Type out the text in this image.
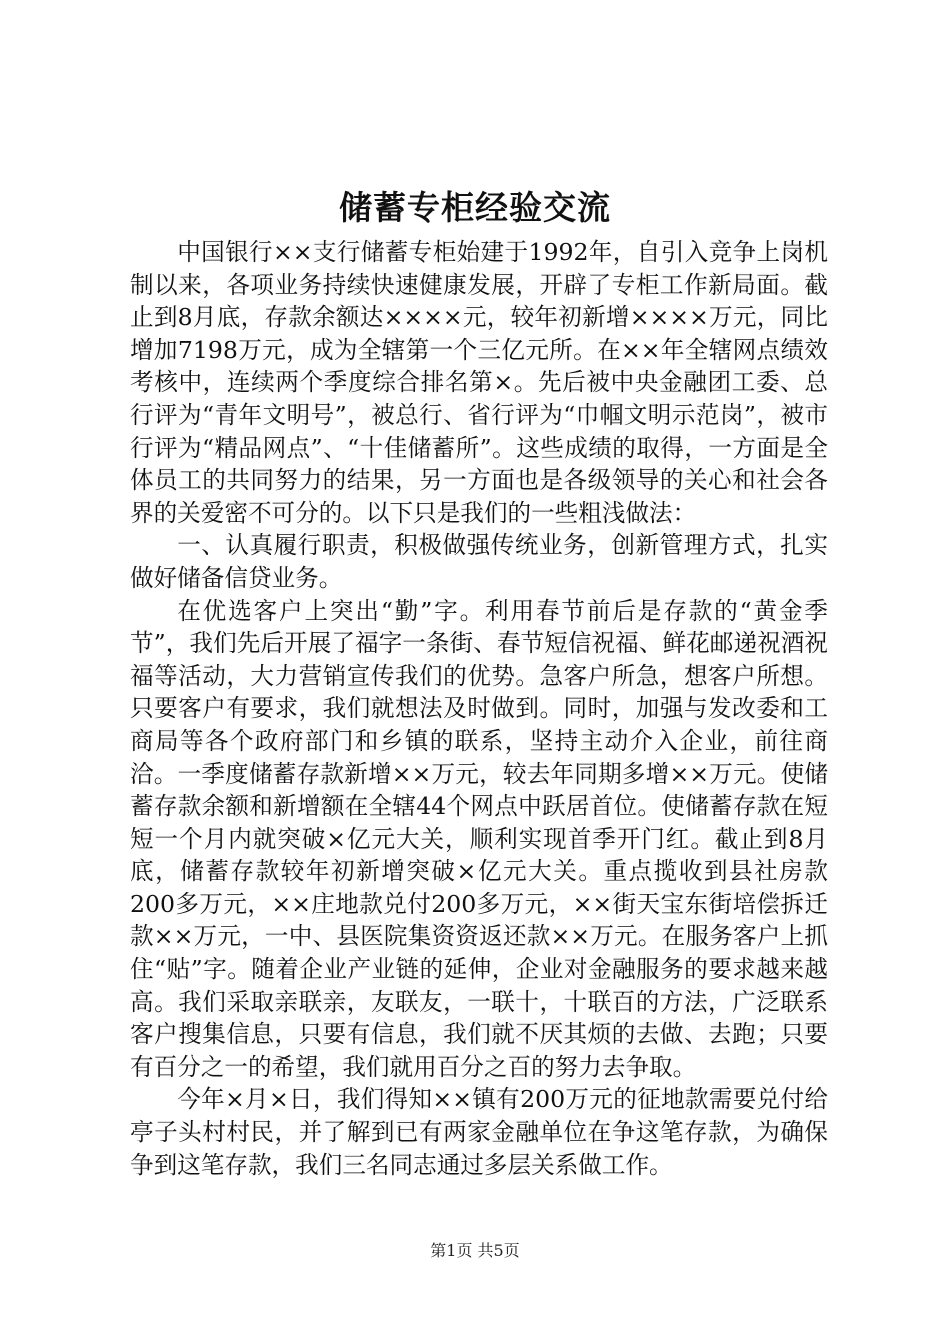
储蓄专柜经验交流

中国银行××支行储蓄专柜始建于1992年，自引入竞争上岗机制以来，各项业务持续快速健康发展，开辟了专柜工作新局面。截止到8月底，存款余额达××××元，较年初新增××××万元，同比增加7198万元，成为全辖第一个三亿元所。在××年全辖网点绩效考核中，连续两个季度综合排名第×。先后被中央金融团工委、总行评为“青年文明号”，被总行、省行评为“巾帼文明示范岗”，被市行评为“精品网点”、“十佳储蓄所”。这些成绩的取得，一方面是全体员工的共同努力的结果，另一方面也是各级领导的关心和社会各界的关爱密不可分的。以下只是我们的一些粗浅做法：

一、认真履行职责，积极做强传统业务，创新管理方式，扎实做好储备信贷业务。

在优选客户上突出“勤”字。利用春节前后是存款的“黄金季节”，我们先后开展了福字一条街、春节短信祝福、鲜花邮递祝酒祝福等活动，大力营销宣传我们的优势。急客户所急，想客户所想。只要客户有要求，我们就想法及时做到。同时，加强与发改委和工商局等各个政府部门和乡镇的联系，坚持主动介入企业，前往商洽。一季度储蓄存款新增××万元，较去年同期多增××万元。使储蓄存款余额和新增额在全辖44个网点中跃居首位。使储蓄存款在短短一个月内就突破×亿元大关，顺利实现首季开门红。截止到8月底，储蓄存款较年初新增突破×亿元大关。重点揽收到县社房款200多万元，××庄地款兑付200多万元，××街天宝东街培偿拆迁款××万元，一中、县医院集资资返还款××万元。在服务客户上抓住“贴”字。随着企业产业链的延伸，企业对金融服务的要求越来越高。我们采取亲联亲，友联友，一联十，十联百的方法，广泛联系客户搜集信息，只要有信息，我们就不厌其烦的去做、去跑；只要有百分之一的希望，我们就用百分之百的努力去争取。

今年×月×日，我们得知××镇有200万元的征地款需要兑付给亭子头村村民，并了解到已有两家金融单位在争这笔存款，为确保争到这笔存款，我们三名同志通过多层关系做工作。

第1页 共5页
